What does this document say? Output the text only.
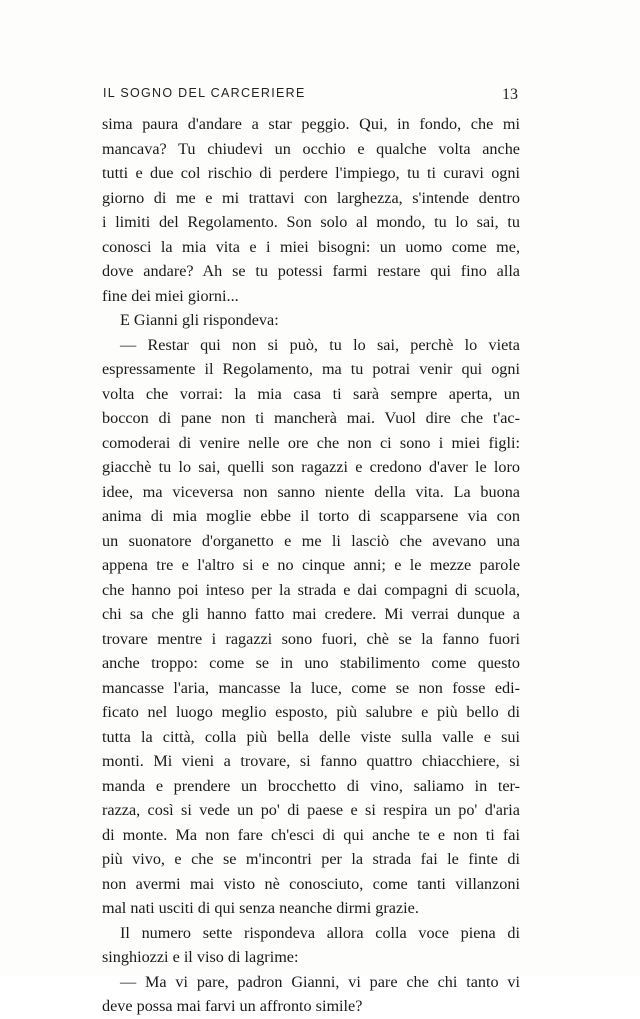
IL SOGNO DEL CARCERIERE	13
sima paura d'andare a star peggio. Qui, in fondo, che mi
mancava? Tu chiudevi un occhio e qualche volta anche
tutti e due col rischio di perdere l'impiego, tu ti curavi ogni
giorno di me e mi trattavi con larghezza, s'intende dentro
i limiti del Regolamento. Son solo al mondo, tu lo sai, tu
conosci la mia vita e i miei bisogni: un uomo come me,
dove andare? Ah se tu potessi farmi restare qui fino alla
fine dei miei giorni...
E Gianni gli rispondeva:
— Restar qui non si può, tu lo sai, perchè lo vieta
espressamente il Regolamento, ma tu potrai venir qui ogni
volta che vorrai: la mia casa ti sarà sempre aperta, un
boccon di pane non ti mancherà mai. Vuol dire che t'ac-
comoderai di venire nelle ore che non ci sono i miei figli:
giacchè tu lo sai, quelli son ragazzi e credono d'aver le loro
idee, ma viceversa non sanno niente della vita. La buona
anima di mia moglie ebbe il torto di scapparsene via con
un suonatore d'organetto e me li lasciò che avevano una
appena tre e l'altro si e no cinque anni; e le mezze parole
che hanno poi inteso per la strada e dai compagni di scuola,
chi sa che gli hanno fatto mai credere. Mi verrai dunque a
trovare mentre i ragazzi sono fuori, chè se la fanno fuori
anche troppo: come se in uno stabilimento come questo
mancasse l'aria, mancasse la luce, come se non fosse edi-
ficato nel luogo meglio esposto, più salubre e più bello di
tutta la città, colla più bella delle viste sulla valle e sui
monti. Mi vieni a trovare, si fanno quattro chiacchiere, si
manda e prendere un brocchetto di vino, saliamo in ter-
razza, così si vede un po' di paese e si respira un po' d'aria
di monte. Ma non fare ch'esci di qui anche te e non ti fai
più vivo, e che se m'incontri per la strada fai le finte di
non avermi mai visto nè conosciuto, come tanti villanzoni
mal nati usciti di qui senza neanche dirmi grazie.
Il numero sette rispondeva allora colla voce piena di
singhiozzi e il viso di lagrime:
— Ma vi pare, padron Gianni, vi pare che chi tanto vi
deve possa mai farvi un affronto simile?
